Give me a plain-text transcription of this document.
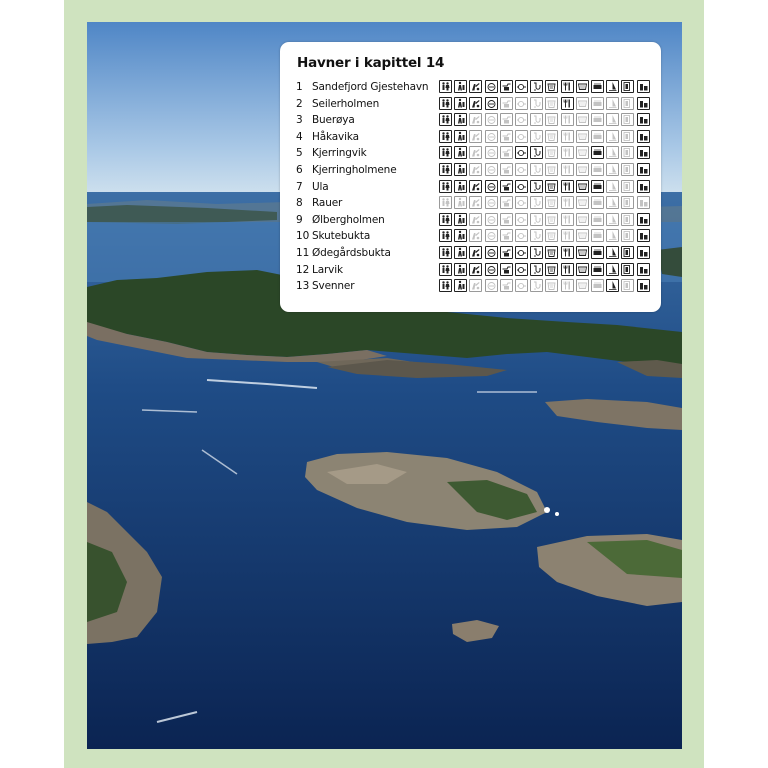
Havner i kapittel 14
1 Sandefjord Gjestehavn
2 Seilerholmen
3 Buerøya
4 Håkavika
5 Kjerringvik
6 Kjerringholmene
7 Ula
8 Rauer
9 Ølbergholmen
10 Skutebukta
11 Ødegårdsbukta
12 Larvik
13 Svenner
